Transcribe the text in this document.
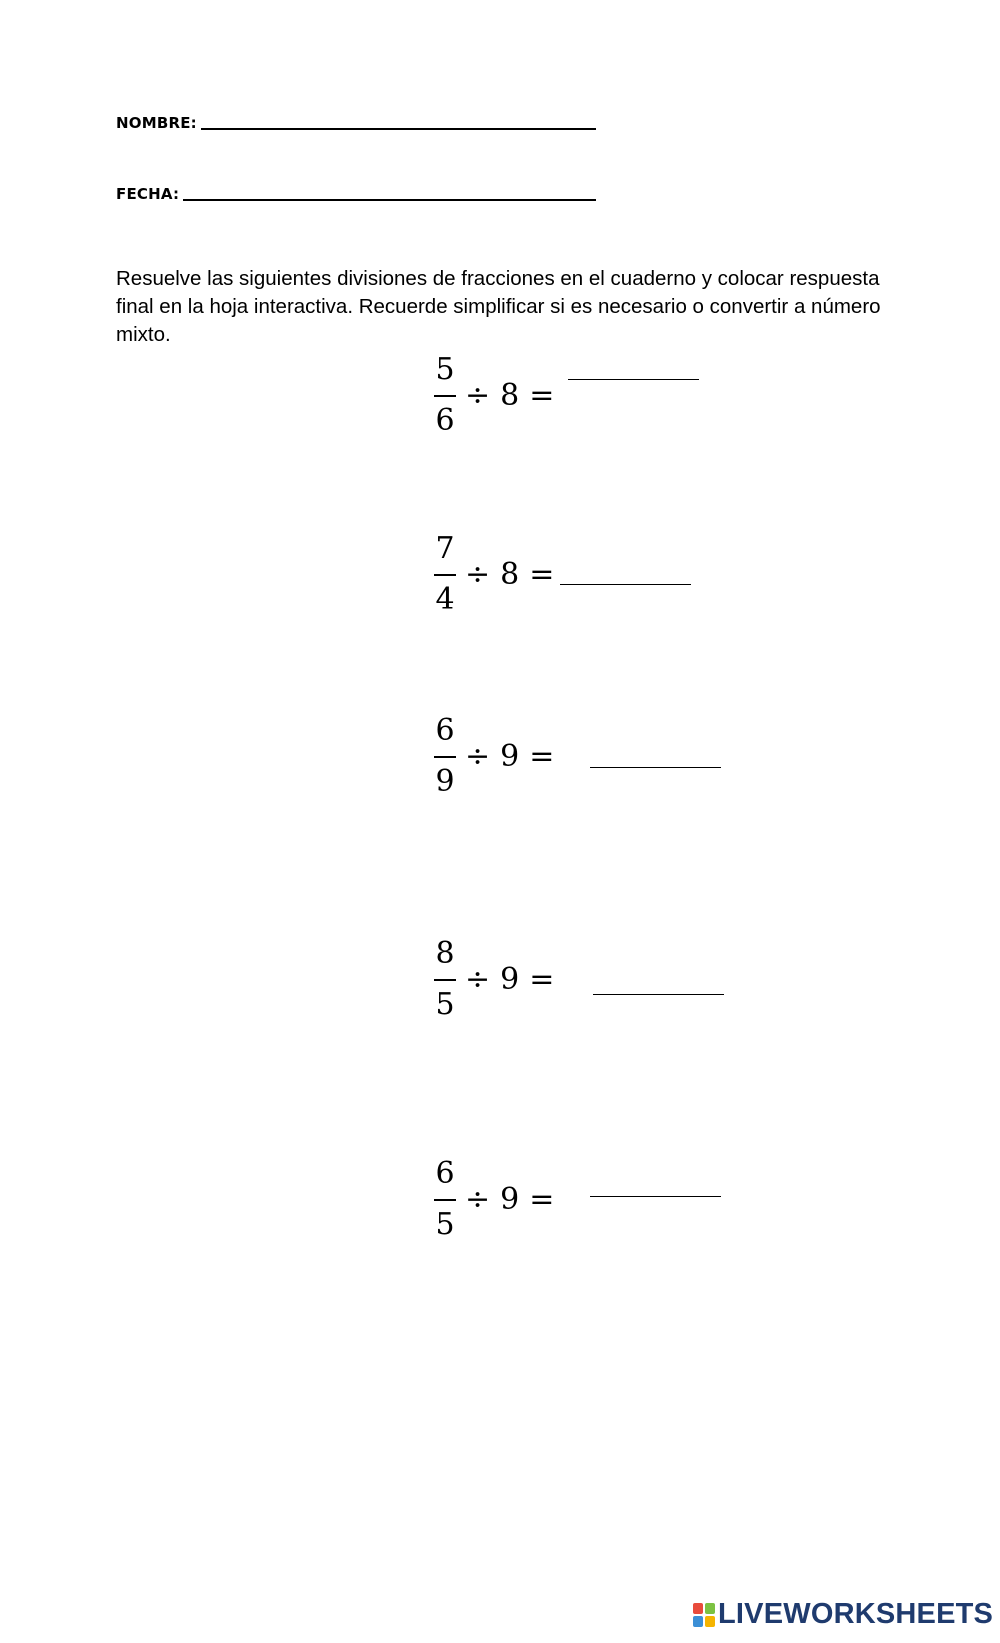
NOMBRE:
FECHA:
Resuelve las siguientes divisiones de fracciones en el cuaderno y colocar respuesta final en la hoja interactiva. Recuerde simplificar si es necesario o convertir a número mixto.
$\frac{5}{6} \div 8$ =
$\frac{7}{4} \div 8$ =
$\frac{6}{9} \div 9$ =
$\frac{8}{5} \div 9$ =
$\frac{6}{5} \div 9$ =
LIVEWORKSHEETS
